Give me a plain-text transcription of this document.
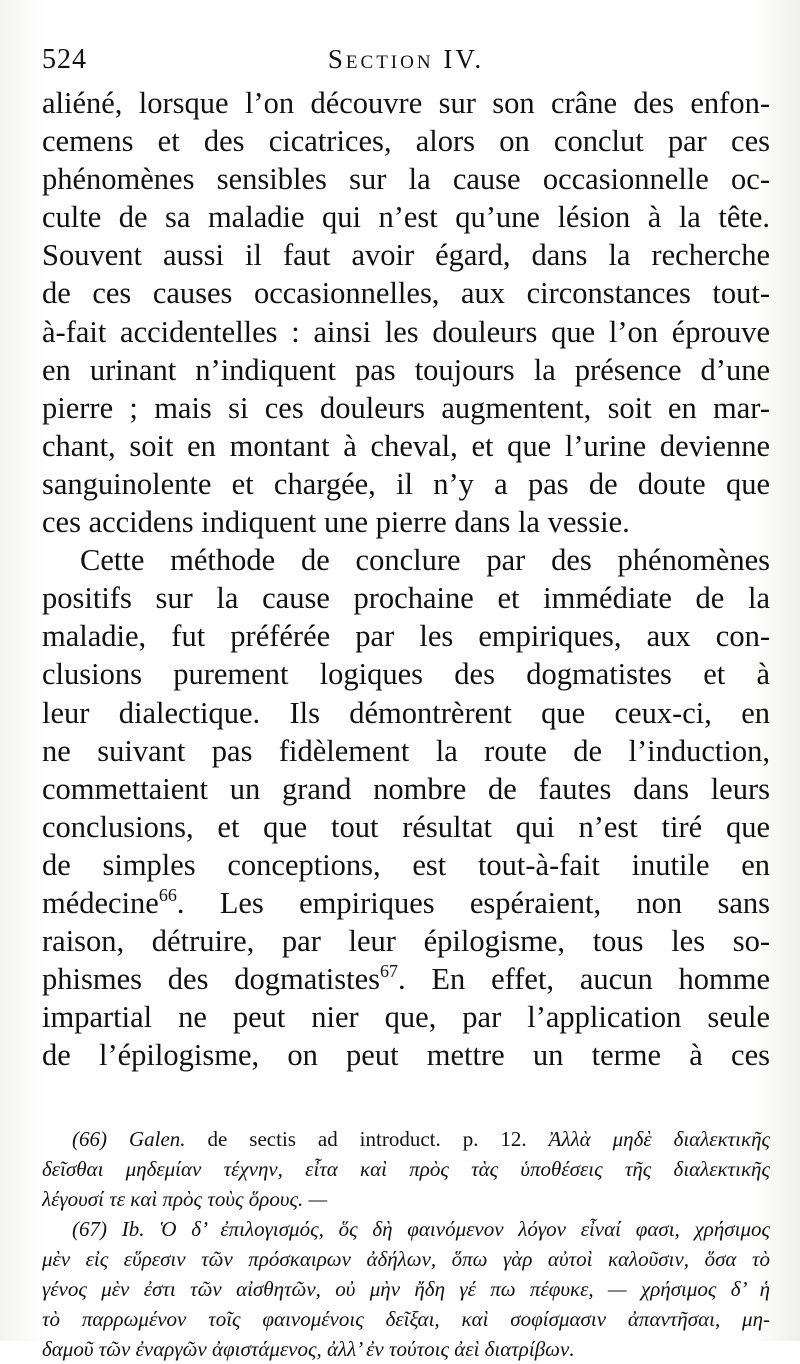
524	Section IV.
aliéné, lorsque l’on découvre sur son crâne des enfon-
cemens et des cicatrices, alors on conclut par ces
phénomènes sensibles sur la cause occasionnelle oc-
culte de sa maladie qui n’est qu’une lésion à la tête.
Souvent aussi il faut avoir égard, dans la recherche
de ces causes occasionnelles, aux circonstances tout-
à-fait accidentelles : ainsi les douleurs que l’on éprouve
en urinant n’indiquent pas toujours la présence d’une
pierre ; mais si ces douleurs augmentent, soit en mar-
chant, soit en montant à cheval, et que l’urine devienne
sanguinolente et chargée, il n’y a pas de doute que
ces accidens indiquent une pierre dans la vessie.
Cette méthode de conclure par des phénomènes
positifs sur la cause prochaine et immédiate de la
maladie, fut préférée par les empiriques, aux con-
clusions purement logiques des dogmatistes et à
leur dialectique. Ils démontrèrent que ceux-ci, en
ne suivant pas fidèlement la route de l’induction,
commettaient un grand nombre de fautes dans leurs
conclusions, et que tout résultat qui n’est tiré que
de simples conceptions, est tout-à-fait inutile en
médecine$^{66}$. Les empiriques espéraient, non sans
raison, détruire, par leur épilogisme, tous les so-
phismes des dogmatistes$^{67}$. En effet, aucun homme
impartial ne peut nier que, par l’application seule
de l’épilogisme, on peut mettre un terme à ces
(66) Galen. de sectis ad introduct. p. 12. Ἀλλὰ μηδὲ διαλεκτικῆς
δεῖσθαι μηδεμίαν τέχνην, εἶτα καὶ πρὸς τὰς ὑποθέσεις τῆς διαλεκτικῆς
λέγουσί τε καὶ πρὸς τοὺς ὅρους. —
(67) Ib. Ὁ δ’ ἐπιλογισμός, ὅς δὴ φαινόμενον λόγον εἶναί φασι, χρήσιμος
μὲν εἰς εὕρεσιν τῶν πρόσκαιρων ἀδήλων, ὅπω γὰρ αὐτοὶ καλοῦσιν, ὅσα τὸ
γένος μὲν ἐστι τῶν αἰσθητῶν, οὐ μὴν ἤδη γέ πω πέφυκε, — χρήσιμος δ’ ἡ
τὸ παρρωμένον τοῖς φαινομένοις δεῖξαι, καὶ σοφίσμασιν ἀπαντῆσαι, μη-
δαμοῦ τῶν ἐναργῶν ἀφιστάμενος, ἀλλ’ ἐν τούτοις ἀεὶ διατρίβων.
